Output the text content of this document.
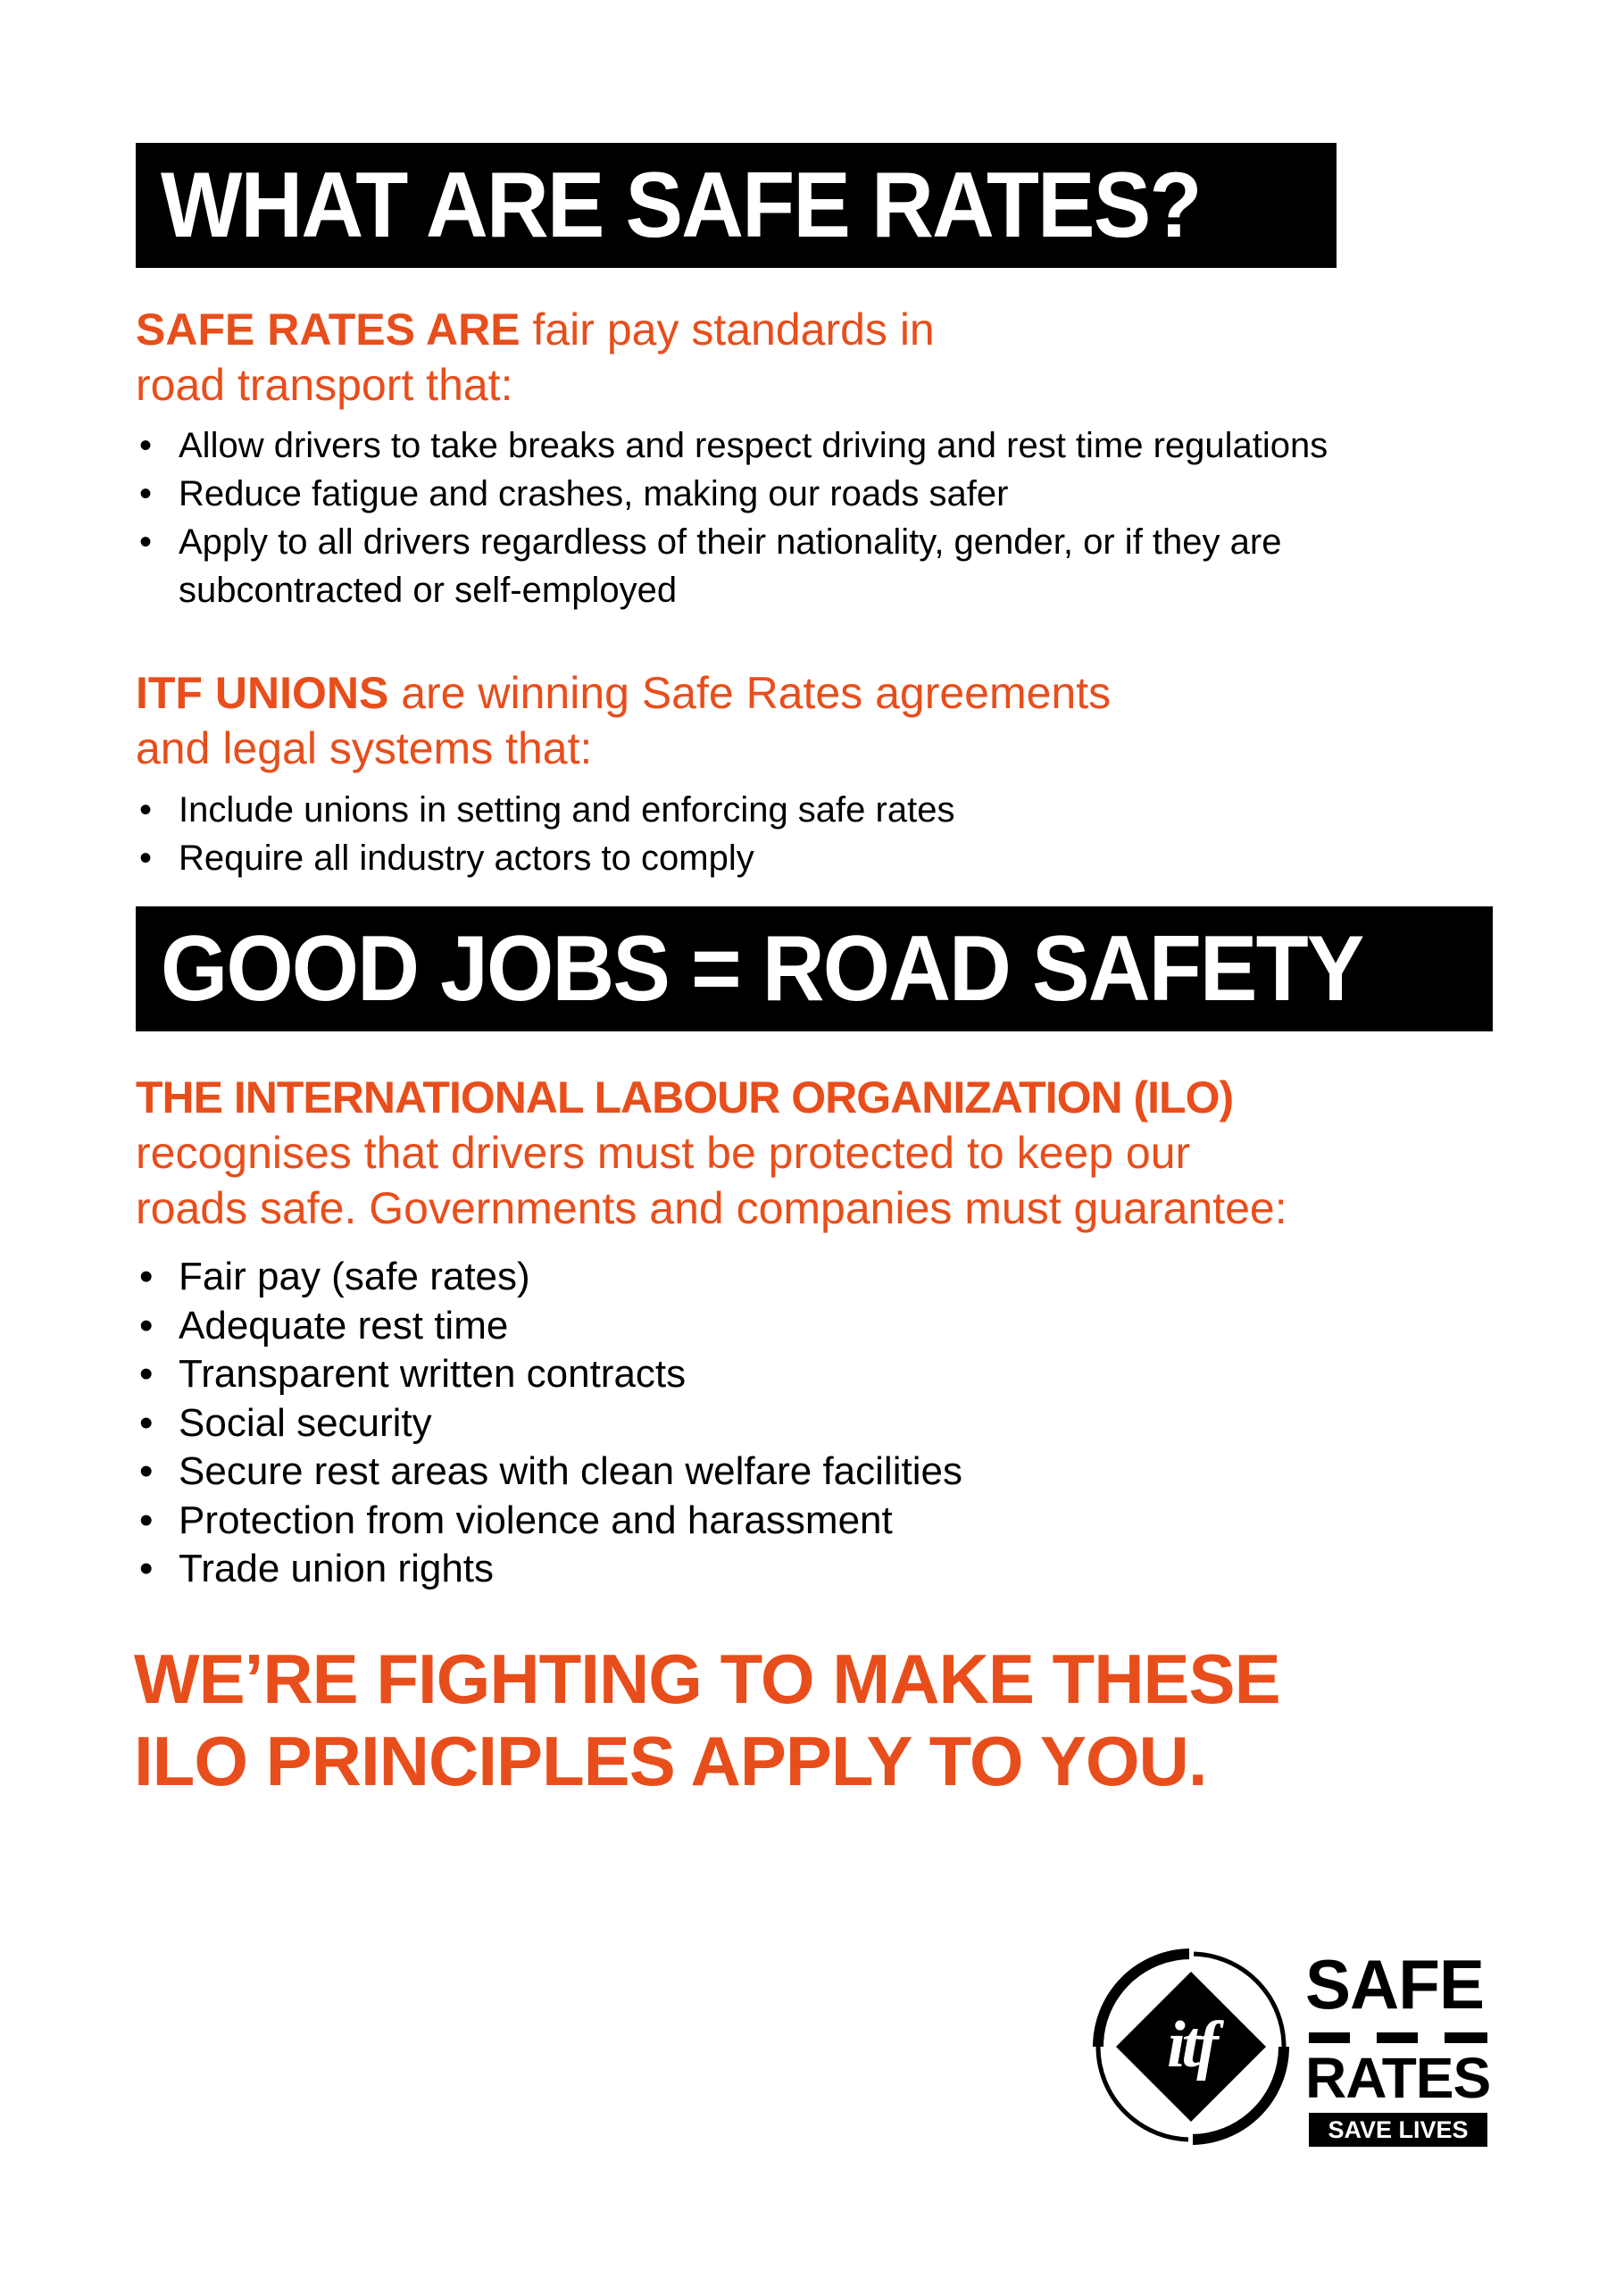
WHAT ARE SAFE RATES?
SAFE RATES ARE fair pay standards in
road transport that:
• Allow drivers to take breaks and respect driving and rest time regulations
• Reduce fatigue and crashes, making our roads safer
• Apply to all drivers regardless of their nationality, gender, or if they are
subcontracted or self-employed
ITF UNIONS are winning Safe Rates agreements
and legal systems that:
• Include unions in setting and enforcing safe rates
• Require all industry actors to comply
GOOD JOBS = ROAD SAFETY
THE INTERNATIONAL LABOUR ORGANIZATION (ILO)
recognises that drivers must be protected to keep our
roads safe. Governments and companies must guarantee:
• Fair pay (safe rates)
• Adequate rest time
• Transparent written contracts
• Social security
• Secure rest areas with clean welfare facilities
• Protection from violence and harassment
• Trade union rights
WE’RE FIGHTING TO MAKE THESE
ILO PRINCIPLES APPLY TO YOU.
itf
SAFE
RATES
SAVE LIVES
